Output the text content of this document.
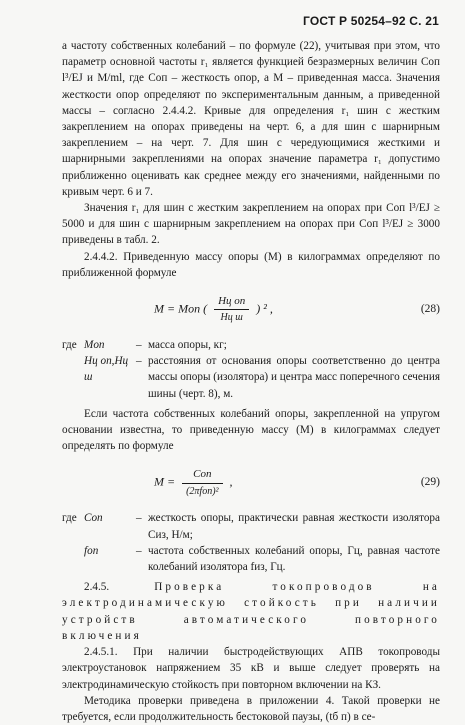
ГОСТ Р 50254–92 С. 21

а частоту собственных колебаний – по формуле (22), учитывая при этом, что параметр основной частоты r₁ является функцией безразмерных величин Cоп l³/EJ и M/ml, где Cоп – жесткость опор, а M – приведенная масса. Значения жесткости опор определяют по экспериментальным данным, а приведенной массы – согласно 2.4.4.2. Кривые для определения r₁ шин с жестким закреплением на опорах приведены на черт. 6, а для шин с шарнирным закреплением – на черт. 7. Для шин с чередующимися жесткими и шарнирными закреплениями на опорах значение параметра r₁ допустимо приближенно оценивать как среднее между его значениями, найденными по кривым черт. 6 и 7.

Значения r₁ для шин с жестким закреплением на опорах при Cоп l³/EJ ≥ 5000 и для шин с шарнирным закреплением на опорах при Cоп l³/EJ ≥ 3000 приведены в табл. 2.

2.4.4.2. Приведенную массу опоры (M) в килограммах определяют по приближенной формуле

M = Mоп ( $\frac{\text{Hц оп}}{\text{Hц ш}}$ ) ² ,	(28)
где Mоп	– масса опоры, кг;
Hц оп,Hц ш
– расстояния от основания опоры соответственно до центра массы опоры (изолятора) и центра масс поперечного сечения шины (черт. 8), м.

Если частота собственных колебаний опоры, закрепленной на упругом основании известна, то приведенную массу (M) в килограммах следует определять по формуле

$M = \frac{\text{Cоп}}{\text{(2πfоп)²}}$ ,	(29)
где Cоп	– жесткость опоры, практически равная жесткости изолятора Cиз, Н/м;
fоп	– частота собственных колебаний опоры, Гц, равная частоте колебаний изолятора fиз, Гц.

2.4.5.	Проверка токопроводов на электродинамическую стойкость при наличии устройств автоматического повторного включения

2.4.5.1. При наличии быстродействующих АПВ токопроводы электроустановок напряжением 35 кВ и выше следует проверять на электродинамическую стойкость при повторном включении на КЗ.

Методика проверки приведена в приложении 4. Такой проверки не требуется, если продолжительность бестоковой паузы, (tб п) в се-
